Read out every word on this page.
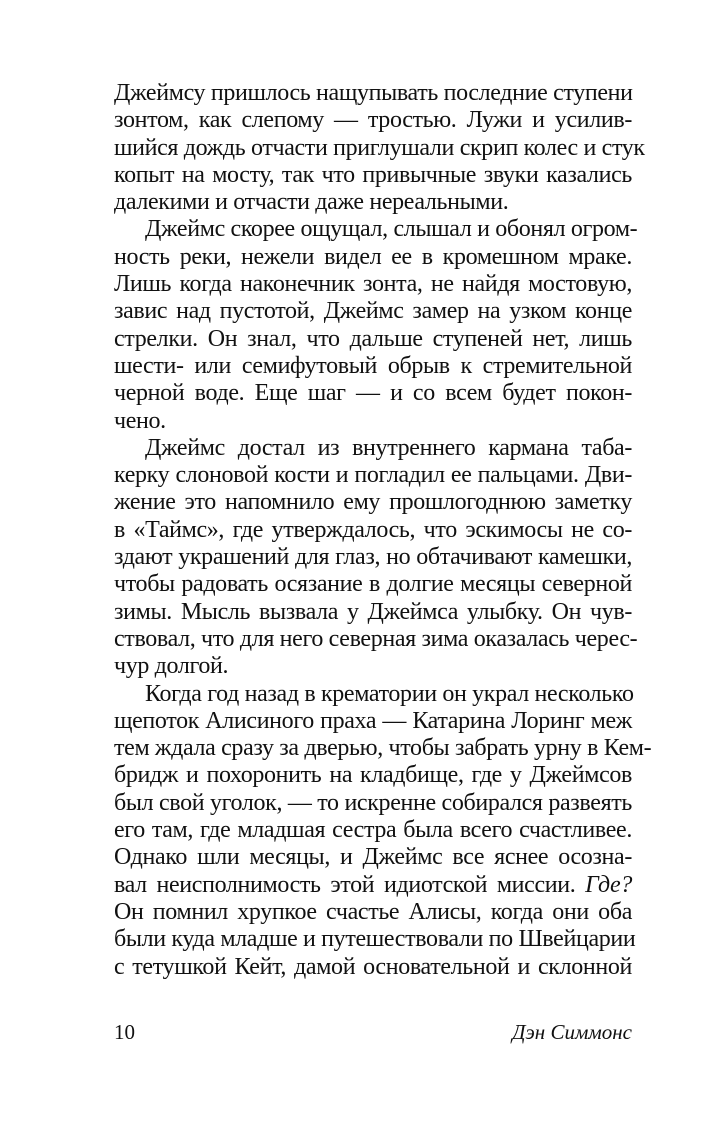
Джеймсу пришлось нащупывать последние ступени
зонтом, как слепому — тростью. Лужи и усилив-
шийся дождь отчасти приглушали скрип колес и стук
копыт на мосту, так что привычные звуки казались
далекими и отчасти даже нереальными.
Джеймс скорее ощущал, слышал и обонял огром-
ность реки, нежели видел ее в кромешном мраке.
Лишь когда наконечник зонта, не найдя мостовую,
завис над пустотой, Джеймс замер на узком конце
стрелки. Он знал, что дальше ступеней нет, лишь
шести- или семифутовый обрыв к стремительной
черной воде. Еще шаг — и со всем будет покон-
чено.
Джеймс достал из внутреннего кармана таба-
керку слоновой кости и погладил ее пальцами. Дви-
жение это напомнило ему прошлогоднюю заметку
в «Таймс», где утверждалось, что эскимосы не со-
здают украшений для глаз, но обтачивают камешки,
чтобы радовать осязание в долгие месяцы северной
зимы. Мысль вызвала у Джеймса улыбку. Он чув-
ствовал, что для него северная зима оказалась черес-
чур долгой.
Когда год назад в крематории он украл несколько
щепоток Алисиного праха — Катарина Лоринг меж
тем ждала сразу за дверью, чтобы забрать урну в Кем-
бридж и похоронить на кладбище, где у Джеймсов
был свой уголок, — то искренне собирался развеять
его там, где младшая сестра была всего счастливее.
Однако шли месяцы, и Джеймс все яснее осозна-
вал неисполнимость этой идиотской миссии. Где?
Он помнил хрупкое счастье Алисы, когда они оба
были куда младше и путешествовали по Швейцарии
с тетушкой Кейт, дамой основательной и склонной
10	Дэн Симмонс
